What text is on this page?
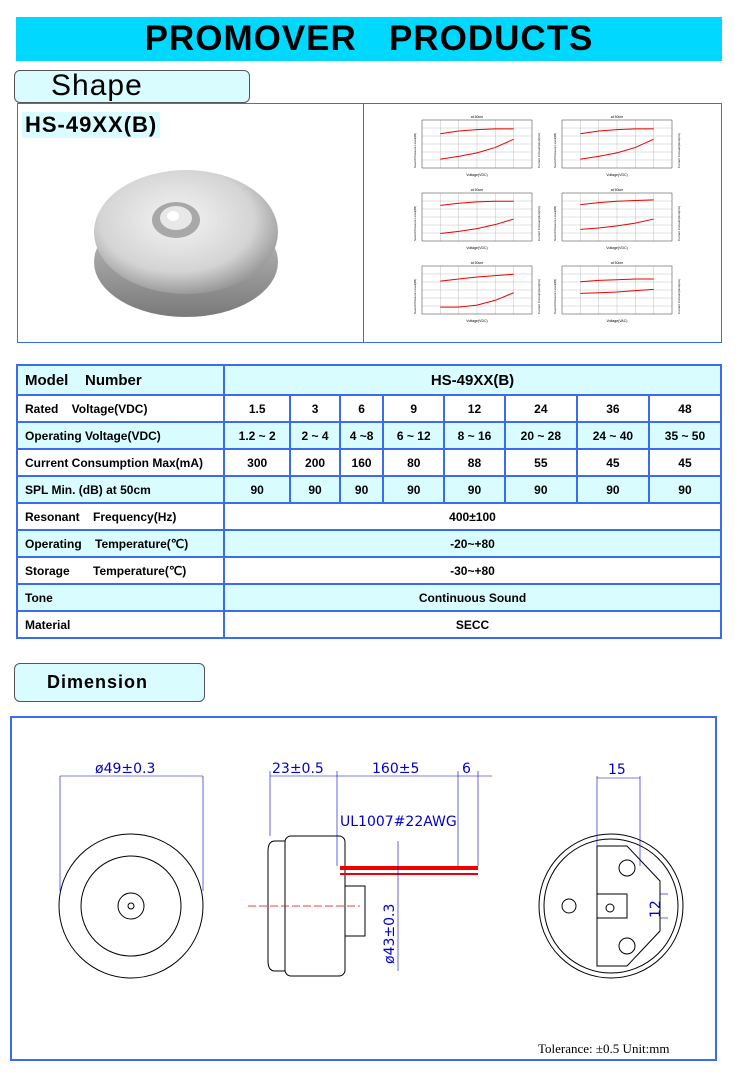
PROMOVER   PRODUCTS
Shape
HS-49XX(B)	at 50cm
Voltage(VDC)
Sound Pressure Level(dB)	Current Consumption(mA)
at 50cm
Voltage(VDC)
Sound Pressure Level(dB)	Current Consumption(mA)
at 50cm
Voltage(VDC)
Sound Pressure Level(dB)	Current Consumption(mA)
at 50cm
Voltage(VDC)
Sound Pressure Level(dB)	Current Consumption(mA)
at 50cm
Voltage(VDC)
Sound Pressure Level(dB)	Current Consumption(mA)
at 50cm
Voltage(VAC)
Sound Pressure Level(dB)	Current Consumption(mA)
Model    Number	HS-49XX(B)							
Rated    Voltage(VDC)	1.5	3	6	9	12	24	36	48
Operating Voltage(VDC)	1.2 ~ 2	2 ~ 4	4 ~8	6 ~ 12	8 ~ 16	20 ~ 28	24 ~ 40	35 ~ 50
Current Consumption Max(mA)	300	200	160	80	88	55	45	45
SPL Min. (dB) at 50cm	90	90	90	90	90	90	90	90
Resonant    Frequency(Hz)	400±100							
Operating    Temperature(℃)	-20~+80							
Storage       Temperature(℃)	-30~+80							
Tone	Continuous Sound							
Material	SECC							
Dimension
ø49±0.3	23±0.5	160±5	6
UL1007#22AWG
ø43±0.3
15
12
Tolerance: ±0.5 Unit:mm
